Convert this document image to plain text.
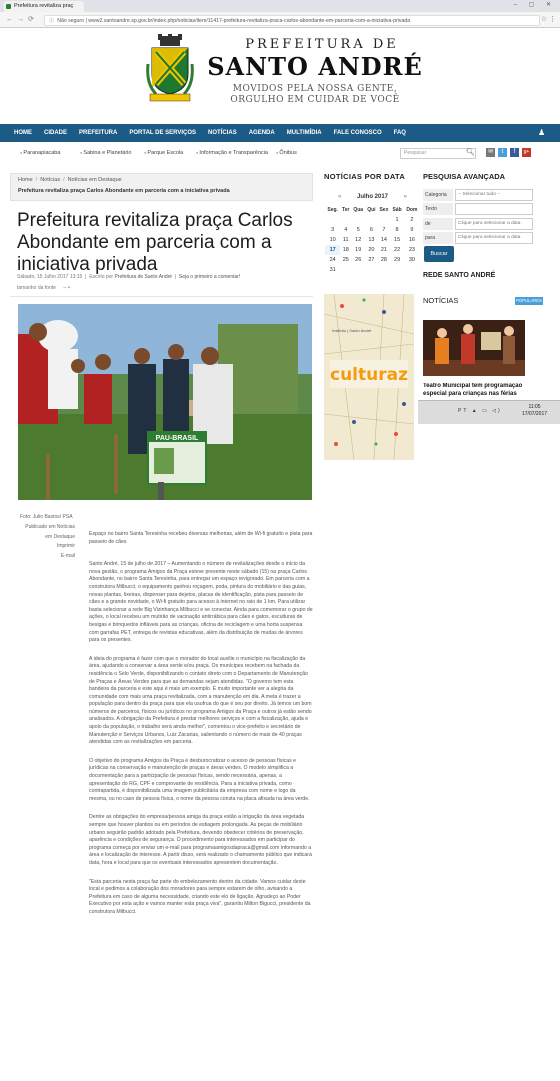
Prefeitura revitaliza praç	– ▢ ✕
←→⟳	ⓘ Não seguro | www2.santoandre.sp.gov.br/index.php/noticias/item/11417-prefeitura-revitaliza-praca-carlos-abondante-em-parceria-com-a-iniciativa-privada	☆ ⋮
PREFEITURA DE
SANTO ANDRÉ
MOVIDOS PELA NOSSA GENTE,
ORGULHO EM CUIDAR DE VOCÊ
HOME CIDADE PREFEITURA PORTAL DE SERVIÇOS NOTÍCIAS AGENDA MULTIMÍDIA FALE CONOSCO FAQ	♟
● Paranapiacaba	● Sabina e Planetário	● Parque Escola	● Informação e Transparência	● Ônibus	Pesquisar	🔍︎	✉	t	f	g+
Home / Notícias / Notícias em Destaque
Prefeitura revitaliza praça Carlos Abondante em parceria com a iniciativa privada
Prefeitura revitaliza praça Carlos Abondante em parceria com a iniciativa privada
Sábado, 15 Julho 2017 13:15  |  Escrito por Prefeitura de Santo André  |  Seja o primeiro a comentar!
tamanho da fonte – +
PAU-BRASIL
Foto: Julio Bastos/ PSA
Publicado em Notícias
em Destaque
Imprimir
E-mail

Espaço no bairro Santa Teresinha recebeu diversas melhorias, além de Wi-fi gratuito e pista para passeio de cães

Santo André, 15 de julho de 2017 – Aumentando o número de revitalizações desde o início da nova gestão, o programa Amigos da Praça esteve presente neste sábado (15) na praça Carlos Abondante, no bairro Santa Teresinha, para entregar um espaço revigorado. Em parceria com a construtora Milbucci, o equipamento ganhou roçagem, poda, pintura do mobiliário e das guias, novas plantas, lixeiras, dispenser para dejetos, placas de identificação, pista para passeio de cães e a grande novidade, o Wi-fi gratuito para acesso à internet no raio de 1 km. Para utilizar basta selecionar a rede Big Vizinhança Milbucci e se conectar. Ainda para comemorar o grupo de ações, o local recebeu um mutirão de vacinação antirrábica para cães e gatos, esculturas de bexigas e brinquedos infláveis para as crianças, oficina de reciclagem e uma horta suspensa com garrafas PET, entrega de revistas educativas, além da distribuição de mudas de árvores para os presentes.

A ideia do programa é fazer com que o morador do local auxilie o município na fiscalização da área, ajudando a conservar a área verde e/ou praça. Os munícipes recebem na fachada da residência o Selo Verde, disponibilizando o contato direto com o Departamento de Manutenção de Praças e Áreas Verdes para que as demandas sejam atendidas. "O governo tem esta bandeira da parceria e este aqui é mais um exemplo. É muito importante ver a alegria da comunidade com mais uma praça revitalizada, com a manutenção em dia. A meta é trazer a população para dentro da praça para que ela usufrua do que é seu por direito. Já temos um bom números de parceiros, físicos ou jurídicos no programa Amigos da Praça e outros já estão sendo analisados. A obrigação da Prefeitura é prestar melhores serviços e com a fiscalização, ajuda e apoio da população, o trabalho será ainda melhor", comentou o vice-prefeito e secretário de Manutenção e Serviços Urbanos, Luiz Zacarias, salientando o número de mais de 40 praças atendidas com as revitalizações em parceria.

O objetivo do programa Amigos da Praça é desburocratizar o acesso de pessoas físicas e jurídicas na conservação e manutenção de praças e áreas verdes. O modelo simplifica a documentação para a participação de pessoas físicas, sendo necessária, apenas, a apresentação do RG, CPF e comprovante de residência. Para a iniciativa privada, como contrapartida, é disponibilizada uma imagem publicitária da empresa com nome e logo da mesma, ou no caso de pessoa física, o nome da pessoa consta na placa afixada na área verde.

Dentre as obrigações do empresa/pessoa amiga da praça estão a irrigação da área vegetada sempre que houver plantios ou em períodos de estiagem prolongada. As peças de mobiliário urbano seguirão padrão adotado pela Prefeitura, devendo obedecer critérios de preservação, aparência e condições de segurança. O procedimento para interessados em participar do programa começa por enviar um e-mail para programaamigosdapraca@gmail.com informando a área e localização de interesse. A partir disso, será realizado o chamamento público que indicará data, hora e local para que os eventuais interessados apresentem documentação.

"Esta parceria nesta praça faz parte do embelezamento dentro da cidade. Vamos cuidar deste local e pedimos a colaboração dos moradores para sempre estarem de olho, avisando a Prefeitura em caso de alguma necessidade, criando este elo de ligação. Agradeço ao Poder Executivo por esta ação e vamos manter esta praça viva", garantiu Milton Bigucci, presidente da construtora Milbucci.

NOTÍCIAS POR DATA
«	Julho 2017	»
Seg.	Ter	Qua	Qui	Sex	Sáb	Dom
					1	2
3	4	5	6	7	8	9
10	11	12	13	14	15	16
17	18	19	20	21	22	23
24	25	26	27	28	29	30
31						
Instituto | Santo André
culturaz
PESQUISA AVANÇADA
Categoria	-- Selecionar tudo --
Texto
de	Clique para selecionar a data
para	Clique para selecionar a data
Buscar
REDE SANTO ANDRÉ
NOTÍCIAS	POPULARES
Teatro Municipal tem programação especial para crianças nas férias
PT ▲ ▭ ◁)
11:05
17/07/2017
